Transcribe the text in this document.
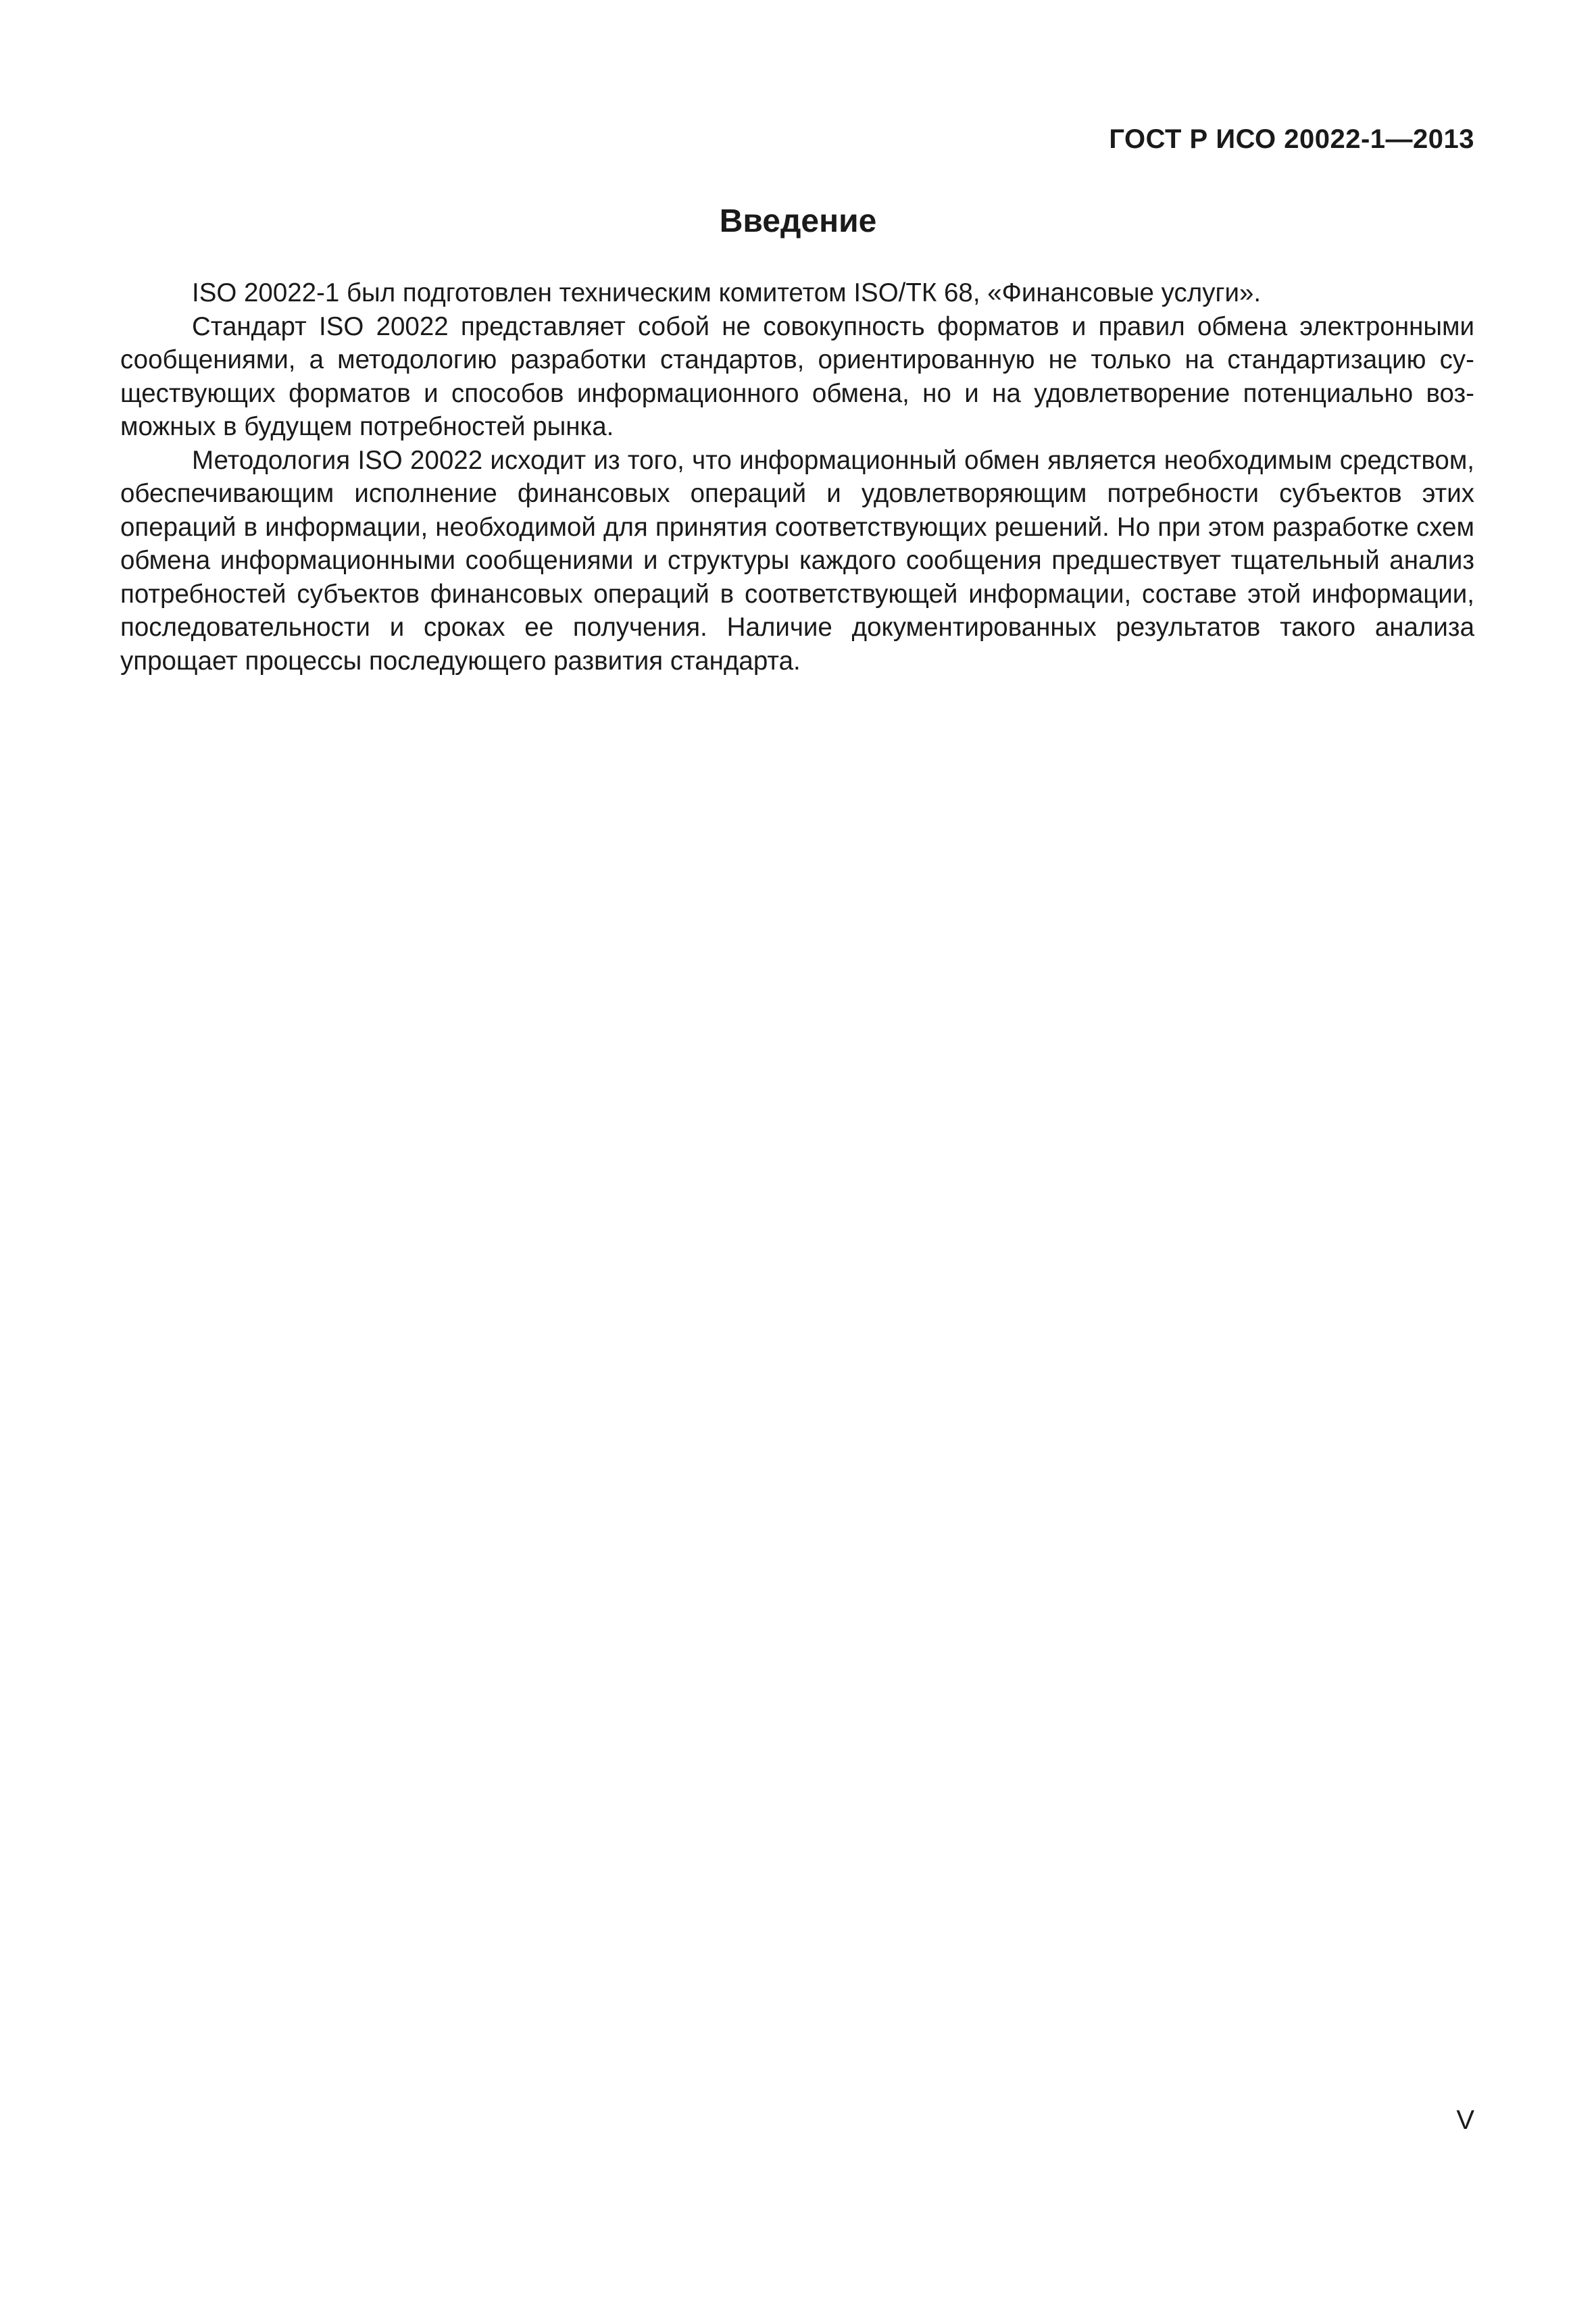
ГОСТ Р ИСО 20022-1—2013
Введение

ISO 20022-1 был подготовлен техническим комитетом ISO/TК 68, «Финансовые услуги».

Стандарт ISO 20022 представляет собой не совокупность форматов и правил обмена электронными сообщениями, а методологию разработки стандартов, ориентированную не только на стандартизацию существующих форматов и способов информационного обмена, но и на удовлетворение потенциально возможных в будущем потребностей рынка.

Методология ISO 20022 исходит из того, что информационный обмен является необходимым средством, обеспечивающим исполнение финансовых операций и удовлетворяющим потребности субъектов этих операций в информации, необходимой для принятия соответствующих решений. Но при этом разработке схем обмена информационными сообщениями и структуры каждого сообщения предшествует тщательный анализ потребностей субъектов финансовых операций в соответствующей информации, составе этой информации, последовательности и сроках ее получения. Наличие документированных результатов такого анализа упрощает процессы последующего развития стандарта.

V
